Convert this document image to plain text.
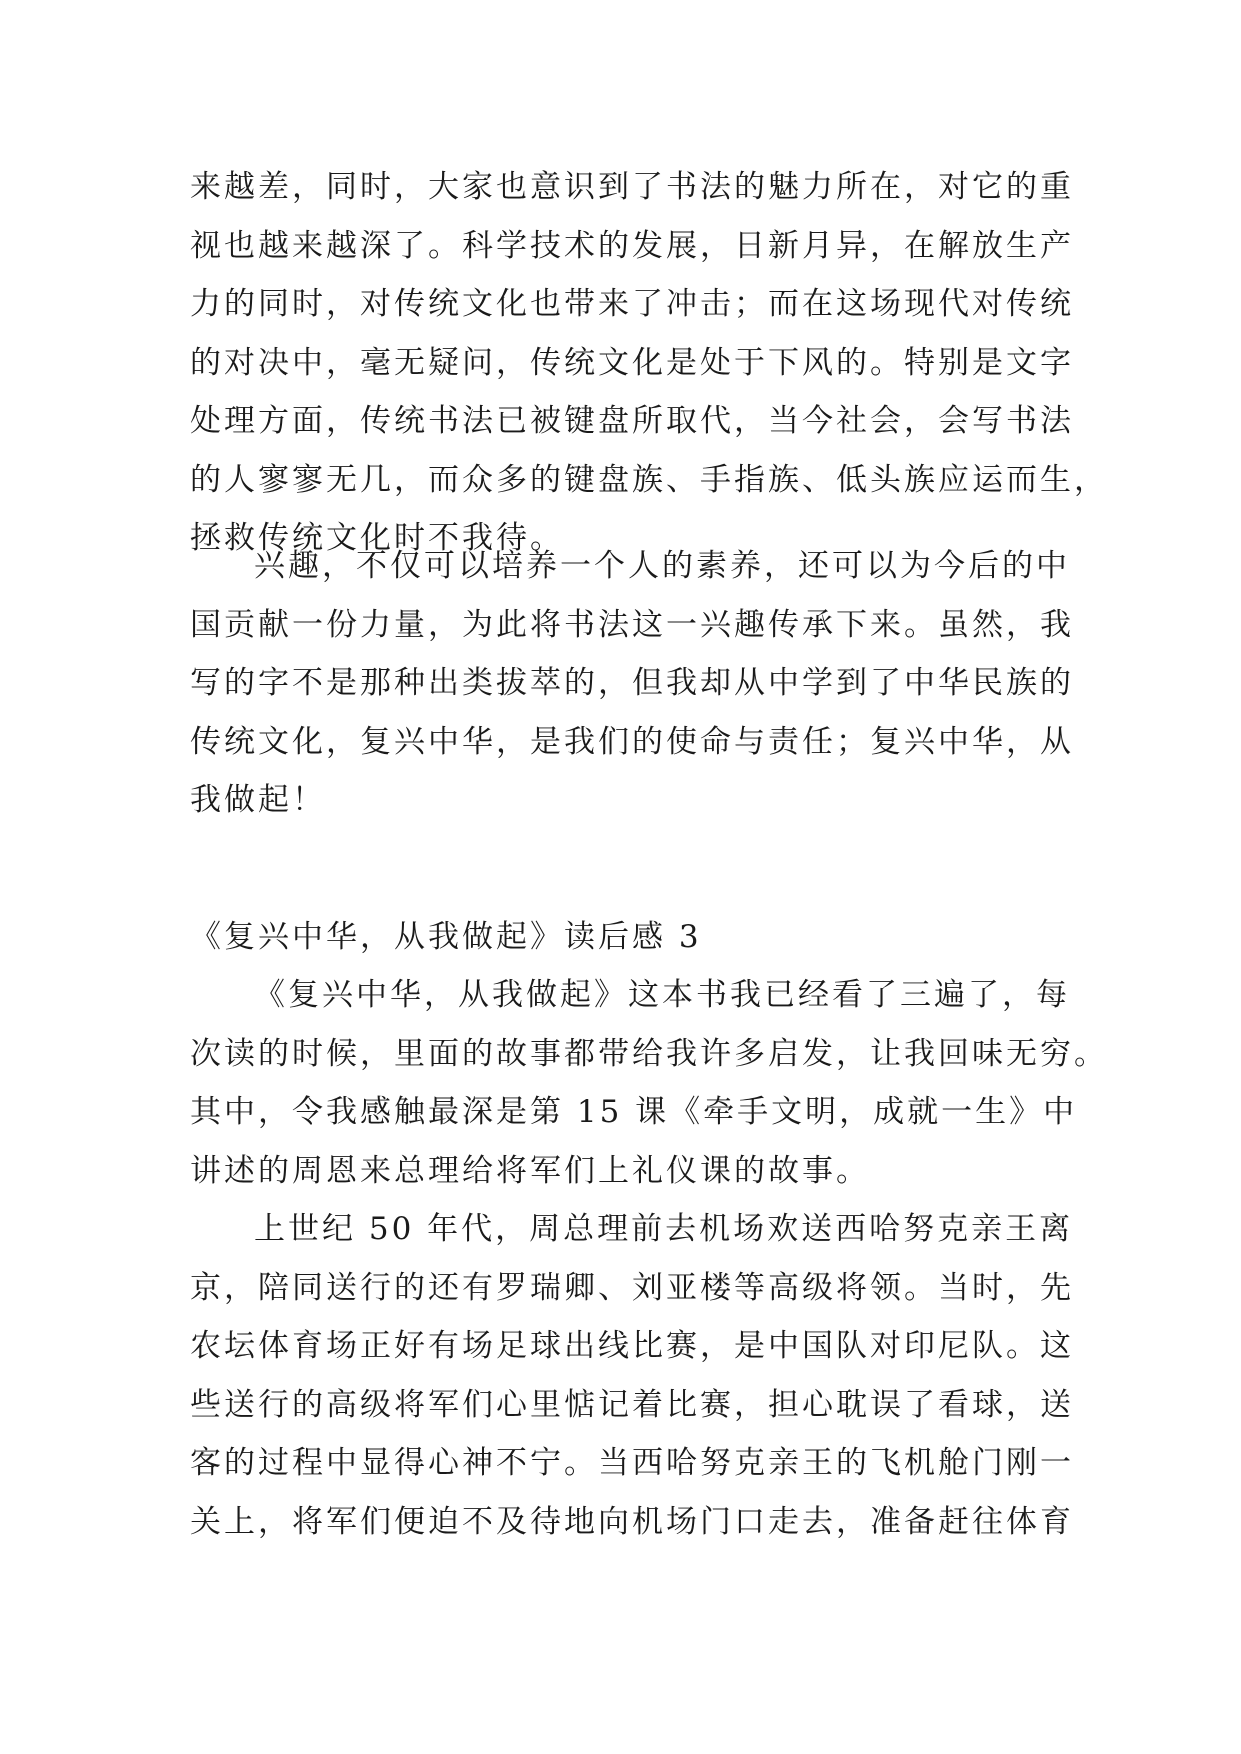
来越差，同时，大家也意识到了书法的魅力所在，对它的重
视也越来越深了。科学技术的发展，日新月异，在解放生产
力的同时，对传统文化也带来了冲击；而在这场现代对传统
的对决中，毫无疑问，传统文化是处于下风的。特别是文字
处理方面，传统书法已被键盘所取代，当今社会，会写书法
的人寥寥无几，而众多的键盘族、手指族、低头族应运而生，
拯救传统文化时不我待。
兴趣，不仅可以培养一个人的素养，还可以为今后的中
国贡献一份力量，为此将书法这一兴趣传承下来。虽然，我
写的字不是那种出类拔萃的，但我却从中学到了中华民族的
传统文化，复兴中华，是我们的使命与责任；复兴中华，从
我做起！
《复兴中华，从我做起》读后感 3
《复兴中华，从我做起》这本书我已经看了三遍了，每
次读的时候，里面的故事都带给我许多启发，让我回味无穷。
其中，令我感触最深是第 15 课《牵手文明，成就一生》中
讲述的周恩来总理给将军们上礼仪课的故事。
上世纪 50 年代，周总理前去机场欢送西哈努克亲王离
京，陪同送行的还有罗瑞卿、刘亚楼等高级将领。当时，先
农坛体育场正好有场足球出线比赛，是中国队对印尼队。这
些送行的高级将军们心里惦记着比赛，担心耽误了看球，送
客的过程中显得心神不宁。当西哈努克亲王的飞机舱门刚一
关上，将军们便迫不及待地向机场门口走去，准备赶往体育
